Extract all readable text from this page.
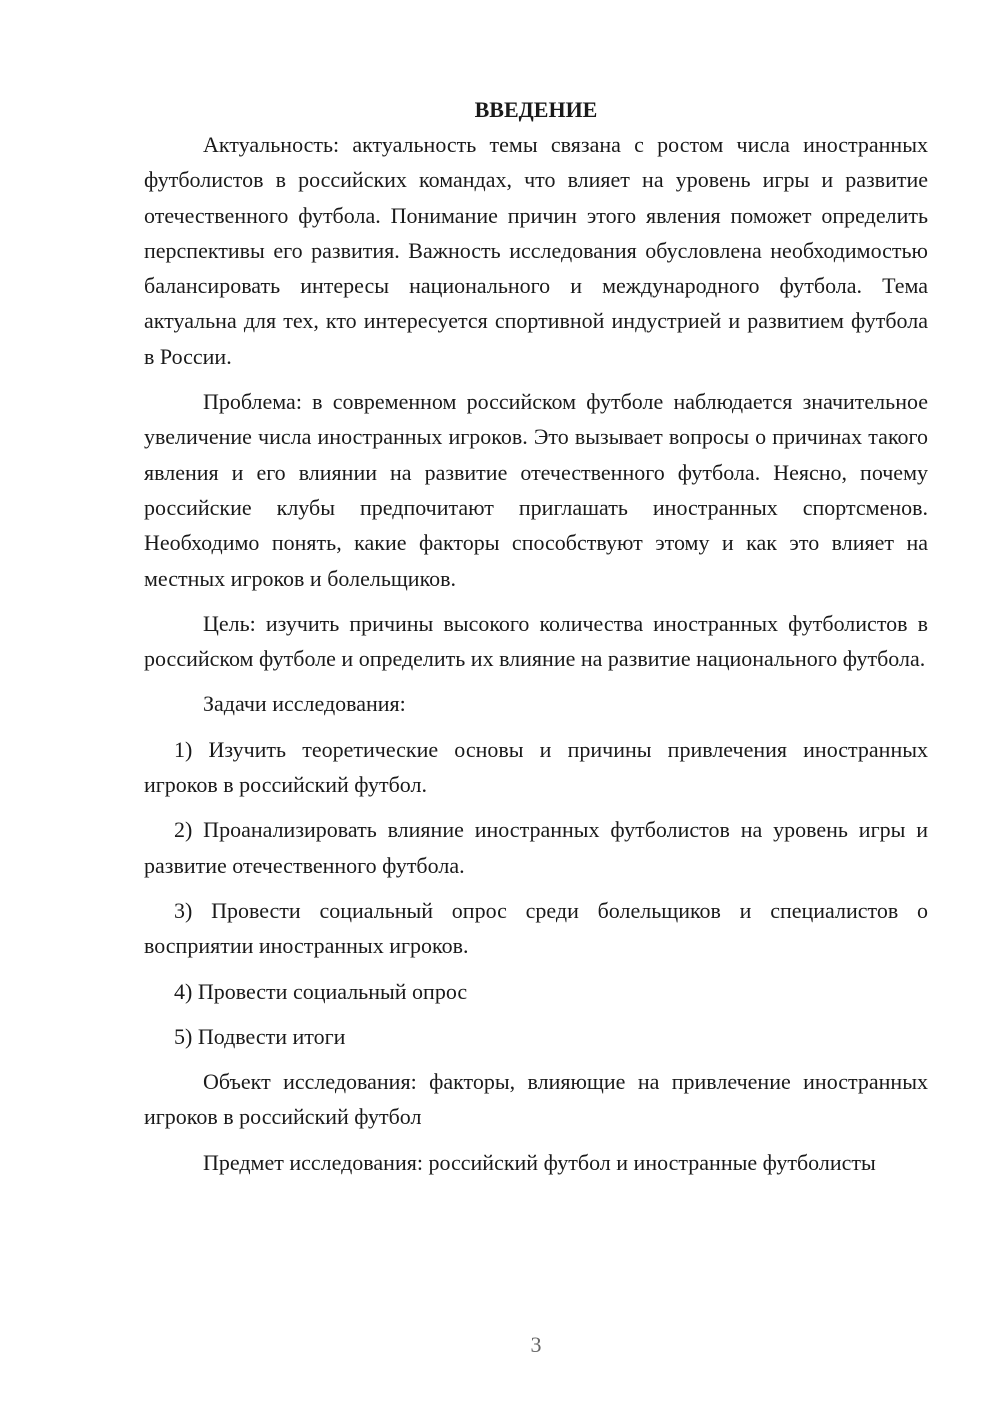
ВВЕДЕНИЕ

Актуальность: актуальность темы связана с ростом числа иностранных футболистов в российских командах, что влияет на уровень игры и развитие отечественного футбола. Понимание причин этого явления поможет определить перспективы его развития. Важность исследования обусловлена необходимостью балансировать интересы национального и международного футбола. Тема актуальна для тех, кто интересуется спортивной индустрией и развитием футбола в России.

Проблема: в современном российском футболе наблюдается значительное увеличение числа иностранных игроков. Это вызывает вопросы о причинах такого явления и его влиянии на развитие отечественного футбола. Неясно, почему российские клубы предпочитают приглашать иностранных спортсменов. Необходимо понять, какие факторы способствуют этому и как это влияет на местных игроков и болельщиков.

Цель: изучить причины высокого количества иностранных футболистов в российском футболе и определить их влияние на развитие национального футбола.

Задачи исследования:

1) Изучить теоретические основы и причины привлечения иностранных игроков в российский футбол.

2) Проанализировать влияние иностранных футболистов на уровень игры и развитие отечественного футбола.

3) Провести социальный опрос среди болельщиков и специалистов о восприятии иностранных игроков.

4) Провести социальный опрос

5) Подвести итоги

Объект исследования: факторы, влияющие на привлечение иностранных игроков в российский футбол

Предмет исследования: российский футбол и иностранные футболисты

3
